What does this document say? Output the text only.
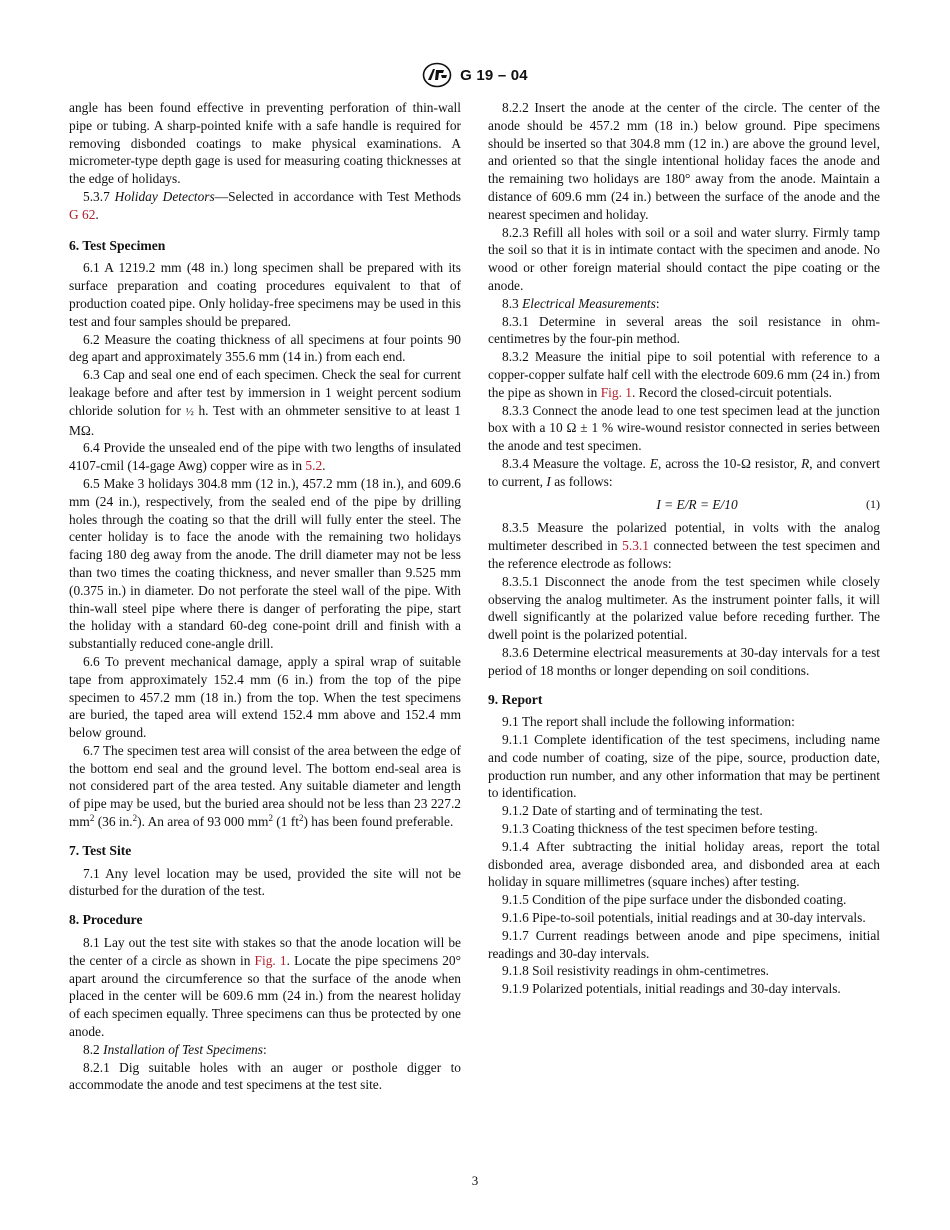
G 19 – 04

angle has been found effective in preventing perforation of thin-wall pipe or tubing. A sharp-pointed knife with a safe handle is required for removing disbonded coatings to make physical examinations. A micrometer-type depth gage is used for measuring coating thicknesses at the edge of holidays.

5.3.7 Holiday Detectors—Selected in accordance with Test Methods G 62.

6. Test Specimen

6.1 A 1219.2 mm (48 in.) long specimen shall be prepared with its surface preparation and coating procedures equivalent to that of production coated pipe. Only holiday-free specimens may be used in this test and four samples should be prepared.

6.2 Measure the coating thickness of all specimens at four points 90 deg apart and approximately 355.6 mm (14 in.) from each end.

6.3 Cap and seal one end of each specimen. Check the seal for current leakage before and after test by immersion in 1 weight percent sodium chloride solution for ½ h. Test with an ohmmeter sensitive to at least 1 MΩ.

6.4 Provide the unsealed end of the pipe with two lengths of insulated 4107-cmil (14-gage Awg) copper wire as in 5.2.

6.5 Make 3 holidays 304.8 mm (12 in.), 457.2 mm (18 in.), and 609.6 mm (24 in.), respectively, from the sealed end of the pipe by drilling holes through the coating so that the drill will fully enter the steel. The center holiday is to face the anode with the remaining two holidays facing 180 deg away from the anode. The drill diameter may not be less than two times the coating thickness, and never smaller than 9.525 mm (0.375 in.) in diameter. Do not perforate the steel wall of the pipe. With thin-wall steel pipe where there is danger of perforating the pipe, start the holiday with a standard 60-deg cone-point drill and finish with a substantially reduced cone-angle drill.

6.6 To prevent mechanical damage, apply a spiral wrap of suitable tape from approximately 152.4 mm (6 in.) from the top of the pipe specimen to 457.2 mm (18 in.) from the top. When the test specimens are buried, the taped area will extend 152.4 mm above and 152.4 mm below ground.

6.7 The specimen test area will consist of the area between the edge of the bottom end seal and the ground level. The bottom end-seal area is not considered part of the area tested. Any suitable diameter and length of pipe may be used, but the buried area should not be less than 23 227.2 $mm^2$ (36 in.$^2$). An area of 93 000 $mm^2$ (1 $ft^2$) has been found preferable.

7. Test Site

7.1 Any level location may be used, provided the site will not be disturbed for the duration of the test.

8. Procedure

8.1 Lay out the test site with stakes so that the anode location will be the center of a circle as shown in Fig. 1. Locate the pipe specimens 20° apart around the circumference so that the surface of the anode when placed in the center will be 609.6 mm (24 in.) from the nearest holiday of each specimen equally. Three specimens can thus be protected by one anode.

8.2 Installation of Test Specimens:

8.2.1 Dig suitable holes with an auger or posthole digger to accommodate the anode and test specimens at the test site.

8.2.2 Insert the anode at the center of the circle. The center of the anode should be 457.2 mm (18 in.) below ground. Pipe specimens should be inserted so that 304.8 mm (12 in.) are above the ground level, and oriented so that the single intentional holiday faces the anode and the remaining two holidays are 180° away from the anode. Maintain a distance of 609.6 mm (24 in.) between the surface of the anode and the nearest specimen and holiday.

8.2.3 Refill all holes with soil or a soil and water slurry. Firmly tamp the soil so that it is in intimate contact with the specimen and anode. No wood or other foreign material should contact the pipe coating or the anode.

8.3 Electrical Measurements:

8.3.1 Determine in several areas the soil resistance in ohm-centimetres by the four-pin method.

8.3.2 Measure the initial pipe to soil potential with reference to a copper-copper sulfate half cell with the electrode 609.6 mm (24 in.) from the pipe as shown in Fig. 1. Record the closed-circuit potentials.

8.3.3 Connect the anode lead to one test specimen lead at the junction box with a 10 Ω ± 1 % wire-wound resistor connected in series between the anode and test specimen.

8.3.4 Measure the voltage. E, across the 10-Ω resistor, R, and convert to current, I as follows:

I = E/R = E/10	(1)

8.3.5 Measure the polarized potential, in volts with the analog multimeter described in 5.3.1 connected between the test specimen and the reference electrode as follows:

8.3.5.1 Disconnect the anode from the test specimen while closely observing the analog multimeter. As the instrument pointer falls, it will dwell significantly at the polarized value before receding further. The dwell point is the polarized potential.

8.3.6 Determine electrical measurements at 30-day intervals for a test period of 18 months or longer depending on soil conditions.

9. Report

9.1 The report shall include the following information:

9.1.1 Complete identification of the test specimens, including name and code number of coating, size of the pipe, source, production date, production run number, and any other information that may be pertinent to identification.

9.1.2 Date of starting and of terminating the test.

9.1.3 Coating thickness of the test specimen before testing.

9.1.4 After subtracting the initial holiday areas, report the total disbonded area, average disbonded area, and disbonded area at each holiday in square millimetres (square inches) after testing.

9.1.5 Condition of the pipe surface under the disbonded coating.

9.1.6 Pipe-to-soil potentials, initial readings and at 30-day intervals.

9.1.7 Current readings between anode and pipe specimens, initial readings and 30-day intervals.

9.1.8 Soil resistivity readings in ohm-centimetres.

9.1.9 Polarized potentials, initial readings and 30-day intervals.

3
